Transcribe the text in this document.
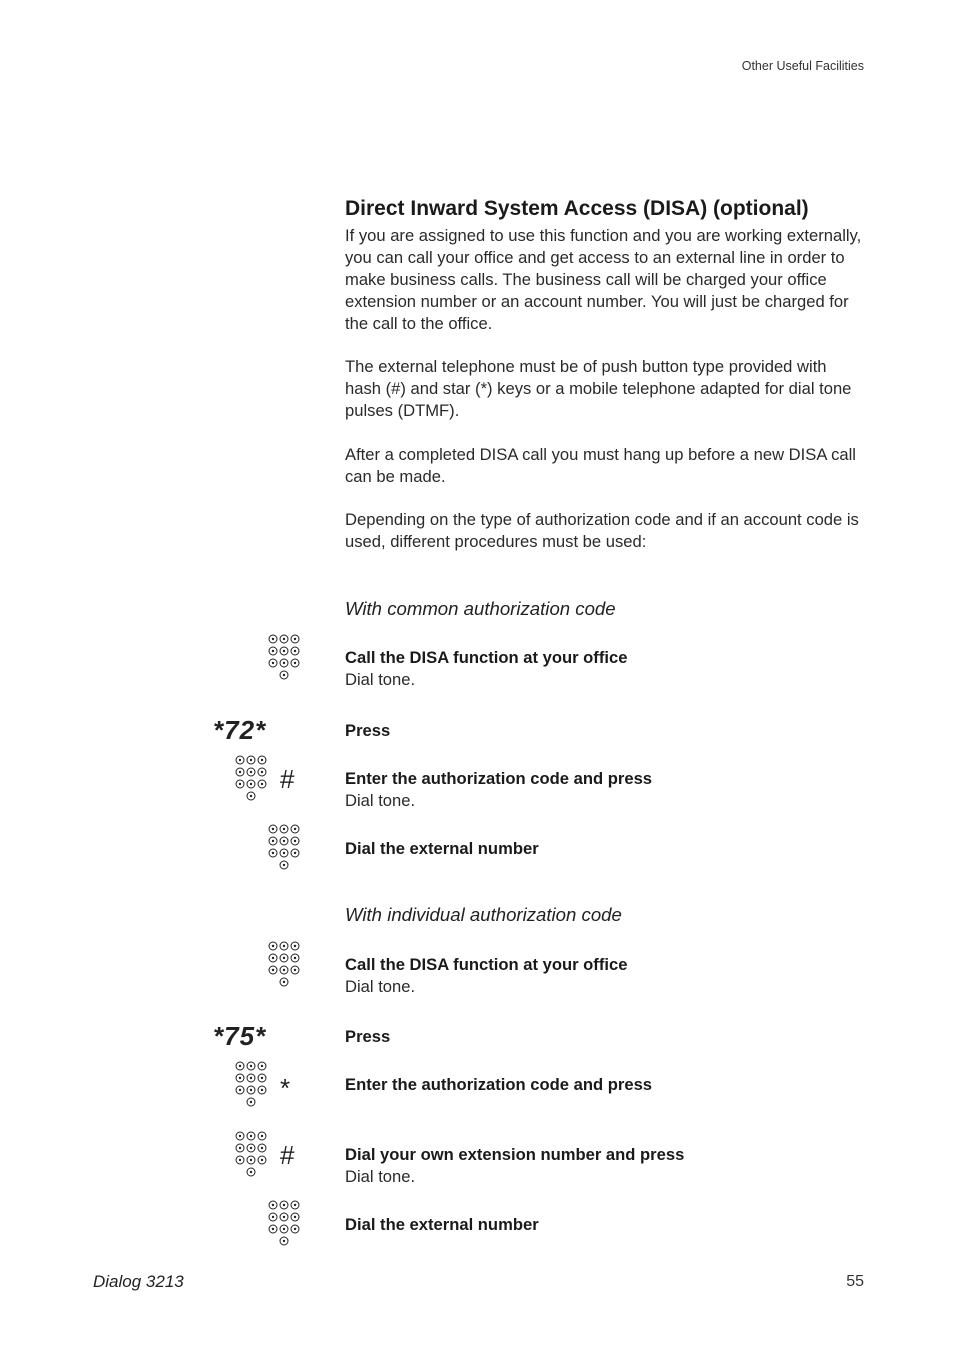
Other Useful Facilities
Direct Inward System Access (DISA) (optional)

If you are assigned to use this function and you are working externally, you can call your office and get access to an external line in order to make business calls. The business call will be charged your office extension number or an account number. You will just be charged for the call to the office.

The external telephone must be of push button type provided with hash (#) and star (*) keys or a mobile telephone adapted for dial tone pulses (DTMF).

After a completed DISA call you must hang up before a new DISA call can be made.

Depending on the type of authorization code and if an account code is used, different procedures must be used:

With common authorization code
Call the DISA function at your office
Dial tone.
*72*	Press
#	Enter the authorization code and press
Dial tone.
Dial the external number
With individual authorization code
Call the DISA function at your office
Dial tone.
*75*	Press
*	Enter the authorization code and press
#	Dial your own extension number and press
Dial tone.
Dial the external number
Dialog 3213	55
